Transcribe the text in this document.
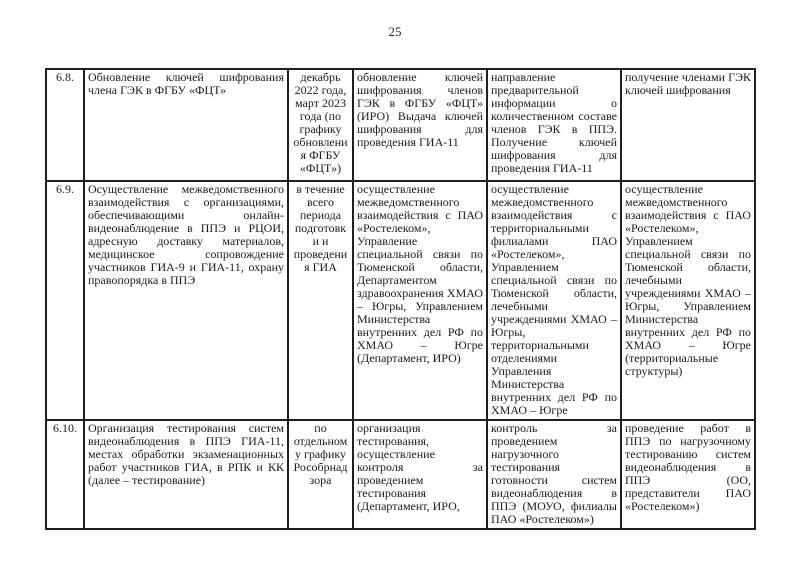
25
6.8.	Обновление ключей шифрования члена ГЭК в ФГБУ «ФЦТ»	декабрь 2022 года, март 2023 года (по графику обновления ФГБУ «ФЦТ»)	обновление ключей шифрования членов ГЭК в ФГБУ «ФЦТ» (ИРО) Выдача ключей шифрования для проведения ГИА-11	направление предварительной информации о количественном составе членов ГЭК в ППЭ. Получение ключей шифрования для проведения ГИА-11	получение членами ГЭК ключей шифрования
6.9.	Осуществление межведомственного взаимодействия с организациями, обеспечивающими онлайн-видеонаблюдение в ППЭ и РЦОИ, адресную доставку материалов, медицинское сопровождение участников ГИА-9 и ГИА-11, охрану правопорядка в ППЭ	в течение всего периода подготовки и проведения ГИА	осуществление межведомственного взаимодействия с ПАО «Ростелеком», Управление специальной связи по Тюменской области, Департаментом здравоохранения ХМАО – Югры, Управлением Министерства внутренних дел РФ по ХМАО – Югре (Департамент, ИРО)	осуществление межведомственного взаимодействия с территориальными филиалами ПАО «Ростелеком», Управлением специальной связи по Тюменской области, лечебными учреждениями ХМАО – Югры, территориальными отделениями Управления Министерства внутренних дел РФ по ХМАО – Югре	осуществление межведомственного взаимодействия с ПАО «Ростелеком», Управлением специальной связи по Тюменской области, лечебными учреждениями ХМАО – Югры, Управлением Министерства внутренних дел РФ по ХМАО – Югре (территориальные структуры)
6.10.	Организация тестирования систем видеонаблюдения в ППЭ ГИА-11, местах обработки экзаменационных работ участников ГИА, в РПК и КК (далее – тестирование)	по отдельному графику Рособрнадзора	организация тестирования, осуществление контроля за проведением тестирования (Департамент, ИРО,	контроль за проведением нагрузочного тестирования готовности систем видеонаблюдения в ППЭ (МОУО, филиалы ПАО «Ростелеком»)	проведение работ в ППЭ по нагрузочному тестированию систем видеонаблюдения в ППЭ (ОО, представители ПАО «Ростелеком»)
